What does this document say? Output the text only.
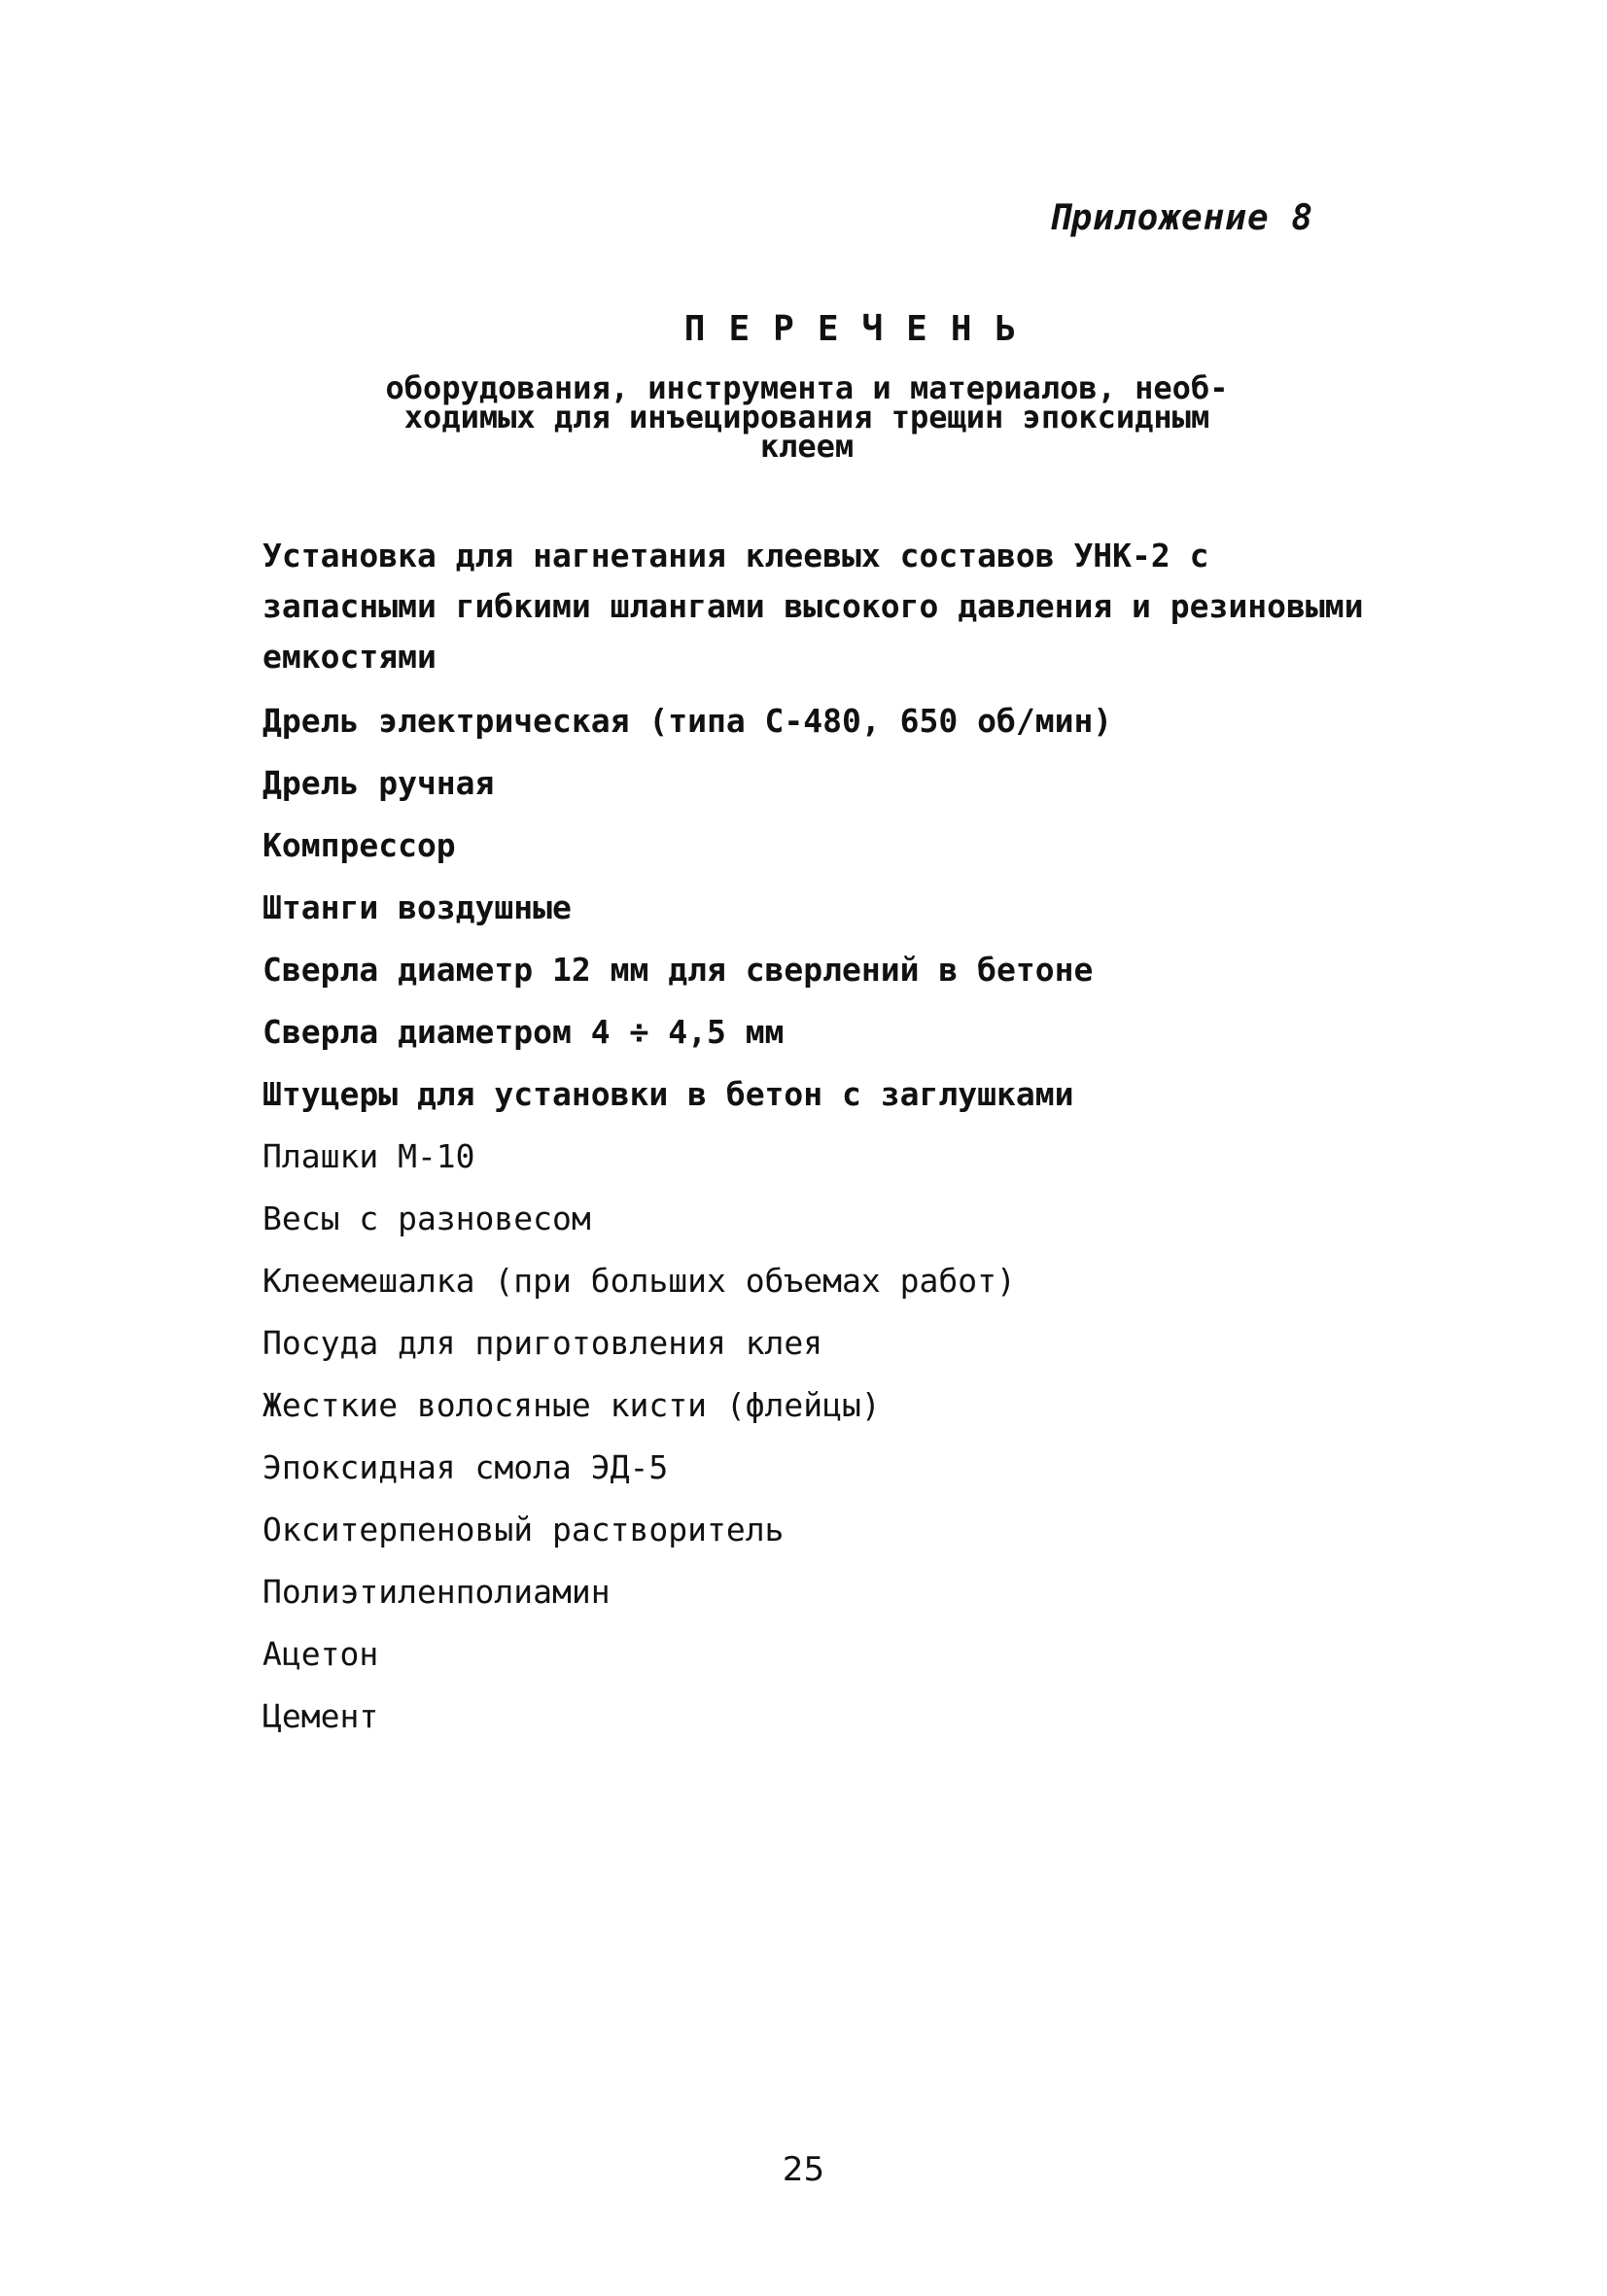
Приложение 8
ПЕРЕЧЕНЬ
оборудования, инструмента и материалов, необ-
ходимых для инъецирования трещин эпоксидным
клеем
Установка для нагнетания клеевых составов УНК-2 с запасными гибкими шлангами высокого давления и резиновыми емкостями
Дрель электрическая (типа С-480, 650 об/мин)
Дрель ручная
Компрессор
Штанги воздушные
Сверла диаметр 12 мм для сверлений в бетоне
Сверла диаметром 4 ÷ 4,5 мм
Штуцеры для установки в бетон с заглушками
Плашки М-10
Весы с разновесом
Клеемешалка (при больших объемах работ)
Посуда для приготовления клея
Жесткие волосяные кисти (флейцы)
Эпоксидная смола ЭД-5
Окситерпеновый растворитель
Полиэтиленполиамин
Ацетон
Цемент
25
